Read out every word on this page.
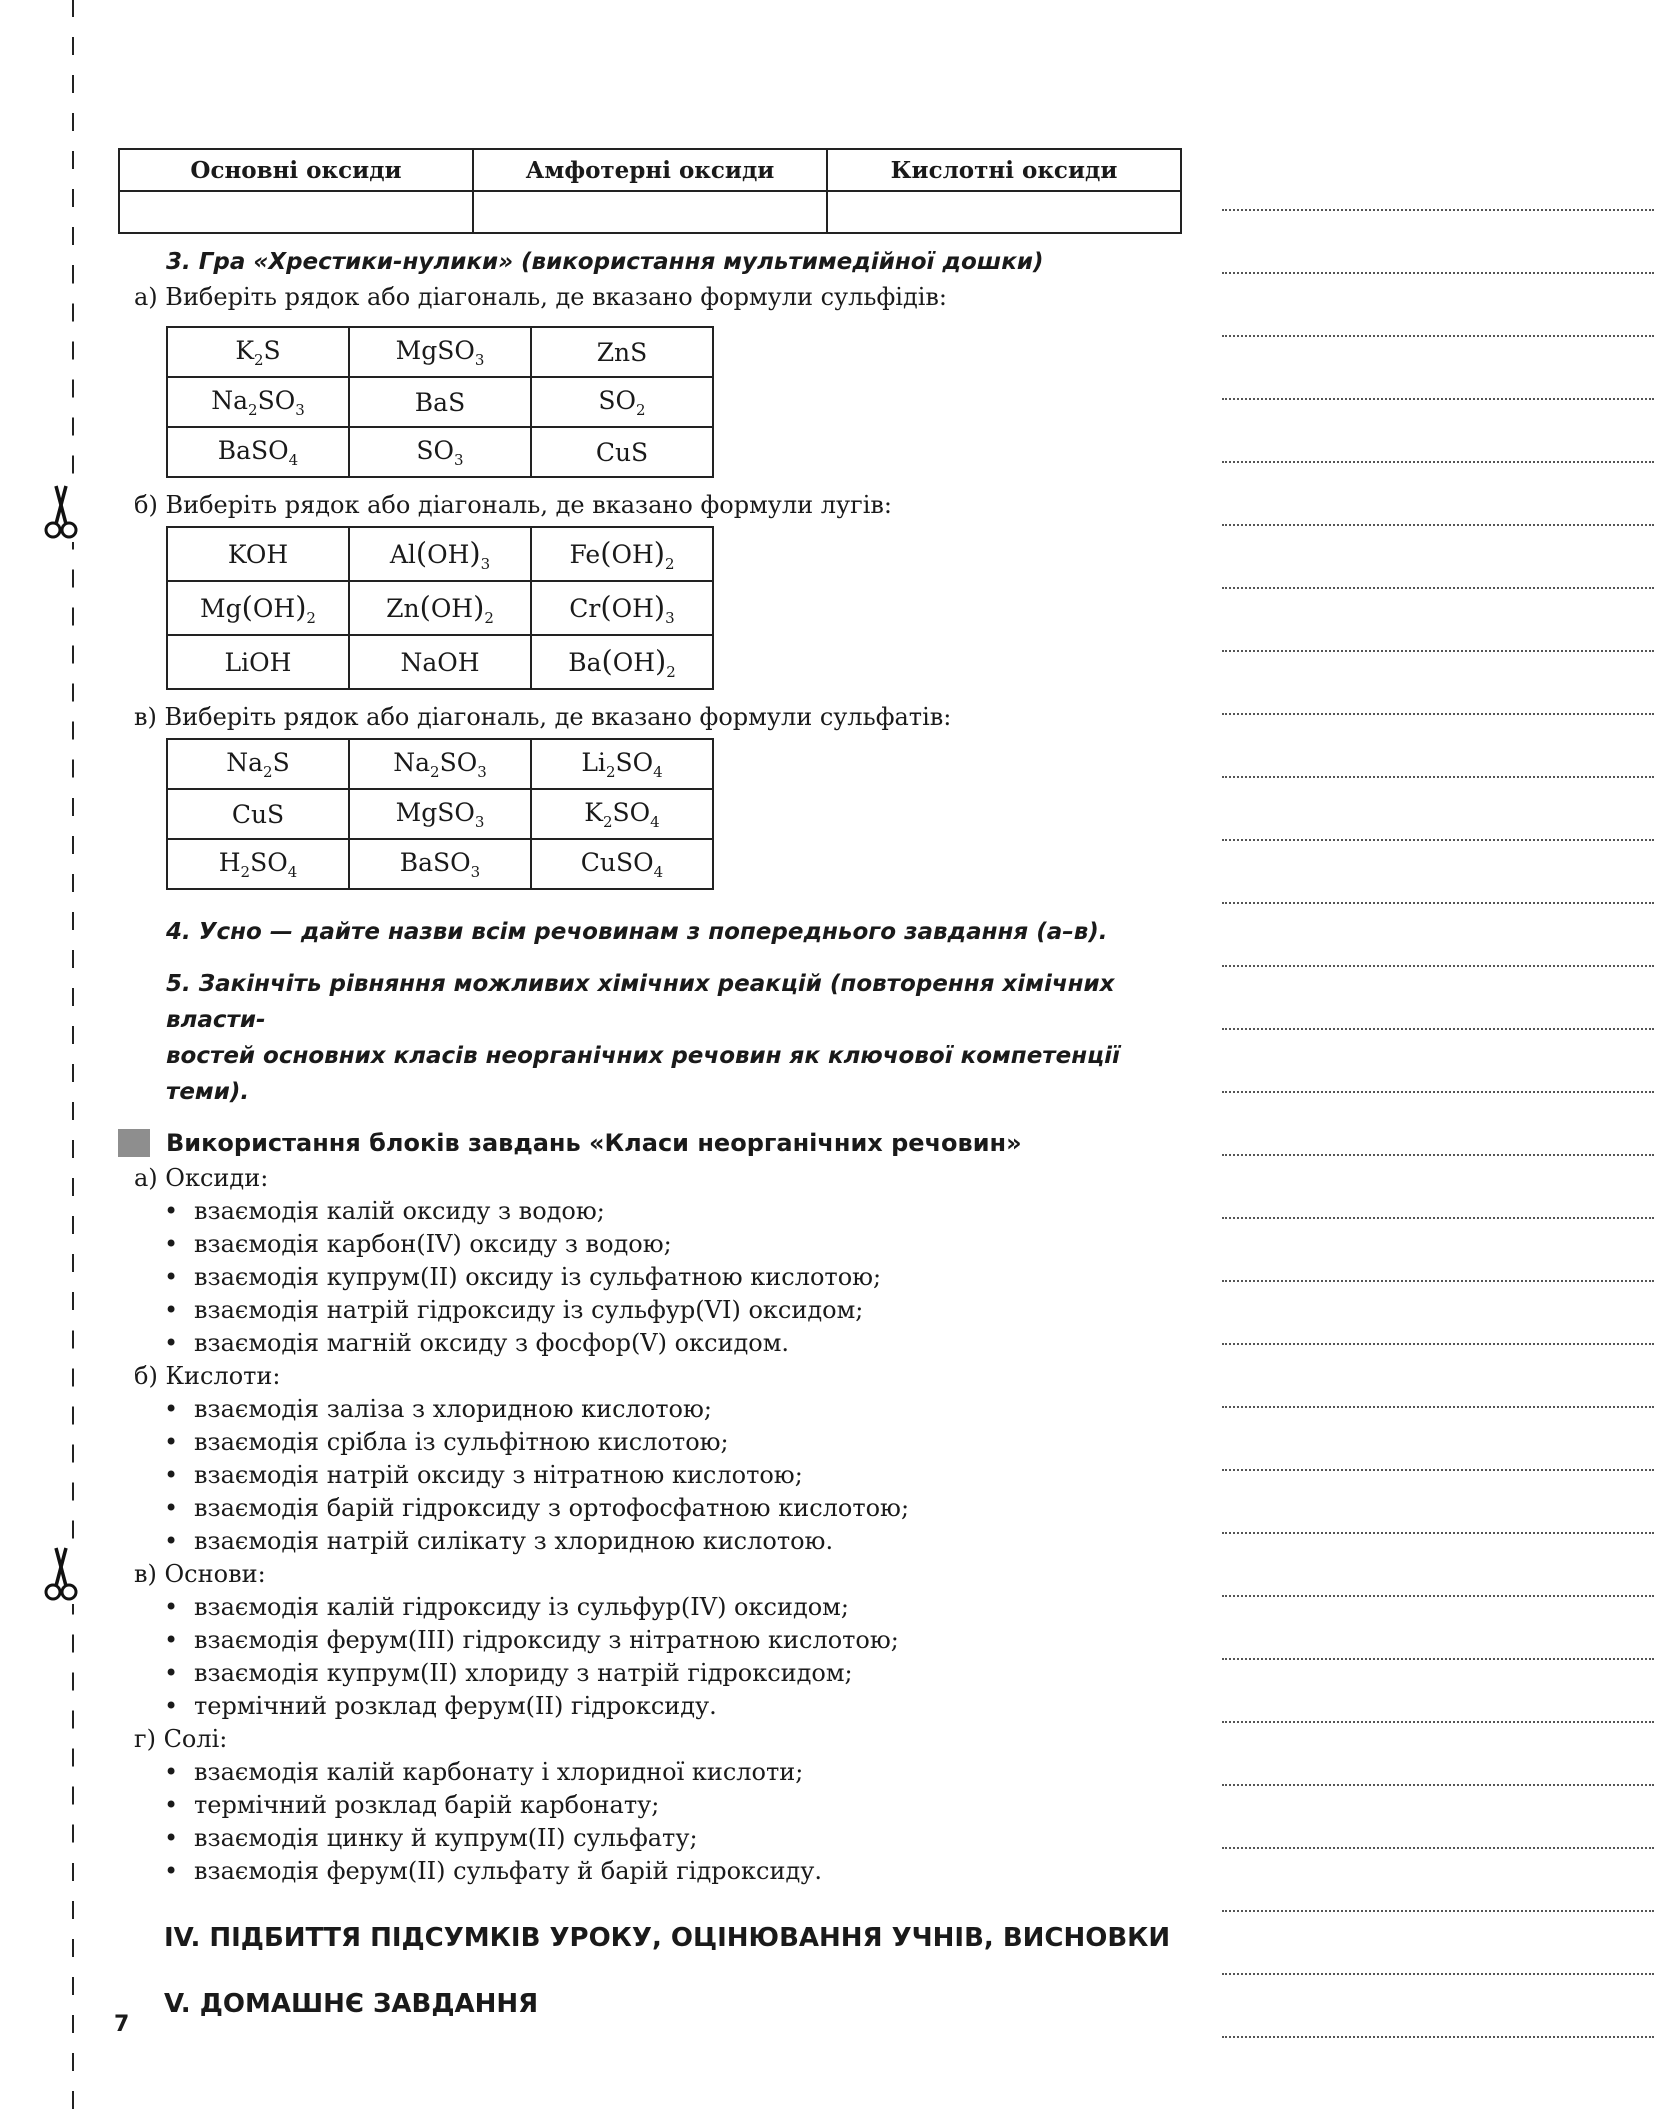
Основні оксиди	Амфотерні оксиди	Кислотні оксиди

3. Гра «Хрестики-нулики» (використання мультимедійної дошки)
а) Виберіть рядок або діагональ, де вказано формули сульфідів:
$K_2S$	MgSO$_3$	ZnS
$Na_2SO_3$	BaS	$SO_2$
BaSO$_4$	$SO_3$	CuS
б) Виберіть рядок або діагональ, де вказано формули лугів:
KOH	$Al(OH)_3$	$Fe(OH)_2$
$Mg(OH)_2$	$Zn(OH)_2$	$Cr(OH)_3$
LiOH	NaOH	$Ba(OH)_2$
в) Виберіть рядок або діагональ, де вказано формули сульфатів:
$Na_2S$	$Na_2SO_3$	$Li_2SO_4$
CuS	MgSO$_3$	$K_2SO_4$
$H_2SO_4$	BaSO$_3$	CuSO$_4$
4. Усно — дайте назви всім речовинам з попереднього завдання (а–в).
5. Закінчіть рівняння можливих хімічних реакцій (повторення хімічних власти-
востей основних класів неорганічних речовин як ключової компетенції теми).
Використання блоків завдань «Класи неорганічних речовин»
а) Оксиди:
• взаємодія калій оксиду з водою;
• взаємодія карбон(IV) оксиду з водою;
• взаємодія купрум(II) оксиду із сульфатною кислотою;
• взаємодія натрій гідроксиду із сульфур(VI) оксидом;
• взаємодія магній оксиду з фосфор(V) оксидом.
б) Кислоти:
• взаємодія заліза з хлоридною кислотою;
• взаємодія срібла із сульфітною кислотою;
• взаємодія натрій оксиду з нітратною кислотою;
• взаємодія барій гідроксиду з ортофосфатною кислотою;
• взаємодія натрій силікату з хлоридною кислотою.
в) Основи:
• взаємодія калій гідроксиду із сульфур(IV) оксидом;
• взаємодія ферум(III) гідроксиду з нітратною кислотою;
• взаємодія купрум(II) хлориду з натрій гідроксидом;
• термічний розклад ферум(II) гідроксиду.
г) Солі:
• взаємодія калій карбонату і хлоридної кислоти;
• термічний розклад барій карбонату;
• взаємодія цинку й купрум(II) сульфату;
• взаємодія ферум(II) сульфату й барій гідроксиду.
IV. ПІДБИТТЯ ПІДСУМКІВ УРОКУ, ОЦІНЮВАННЯ УЧНІВ, ВИСНОВКИ
V. ДОМАШНЄ ЗАВДАННЯ
7
